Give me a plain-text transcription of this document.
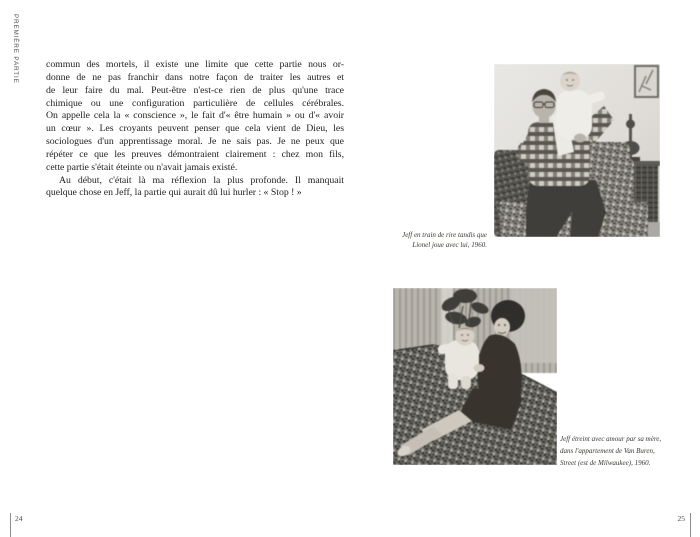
PREMIÈRE PARTIE	commun des mortels, il existe une limite que cette partie nous or-
donne de ne pas franchir dans notre façon de traiter les autres et
de leur faire du mal. Peut-être n'est-ce rien de plus qu'une trace
chimique ou une configuration particulière de cellules cérébrales.
On appelle cela la « conscience », le fait d'« être humain » ou d'« avoir
un cœur ». Les croyants peuvent penser que cela vient de Dieu, les
sociologues d'un apprentissage moral. Je ne sais pas. Je ne peux que
répéter ce que les preuves démontraient clairement : chez mon fils,
cette partie s'était éteinte ou n'avait jamais existé.
Au début, c'était là ma réflexion la plus profonde. Il manquait
quelque chose en Jeff, la partie qui aurait dû lui hurler : « Stop ! »
Jeff en train de rire tandis que
Lionel joue avec lui, 1960.
Jeff étreint avec amour par sa mère,
dans l'appartement de Van Buren,
Street (est de Milwaukee), 1960.
24	25
